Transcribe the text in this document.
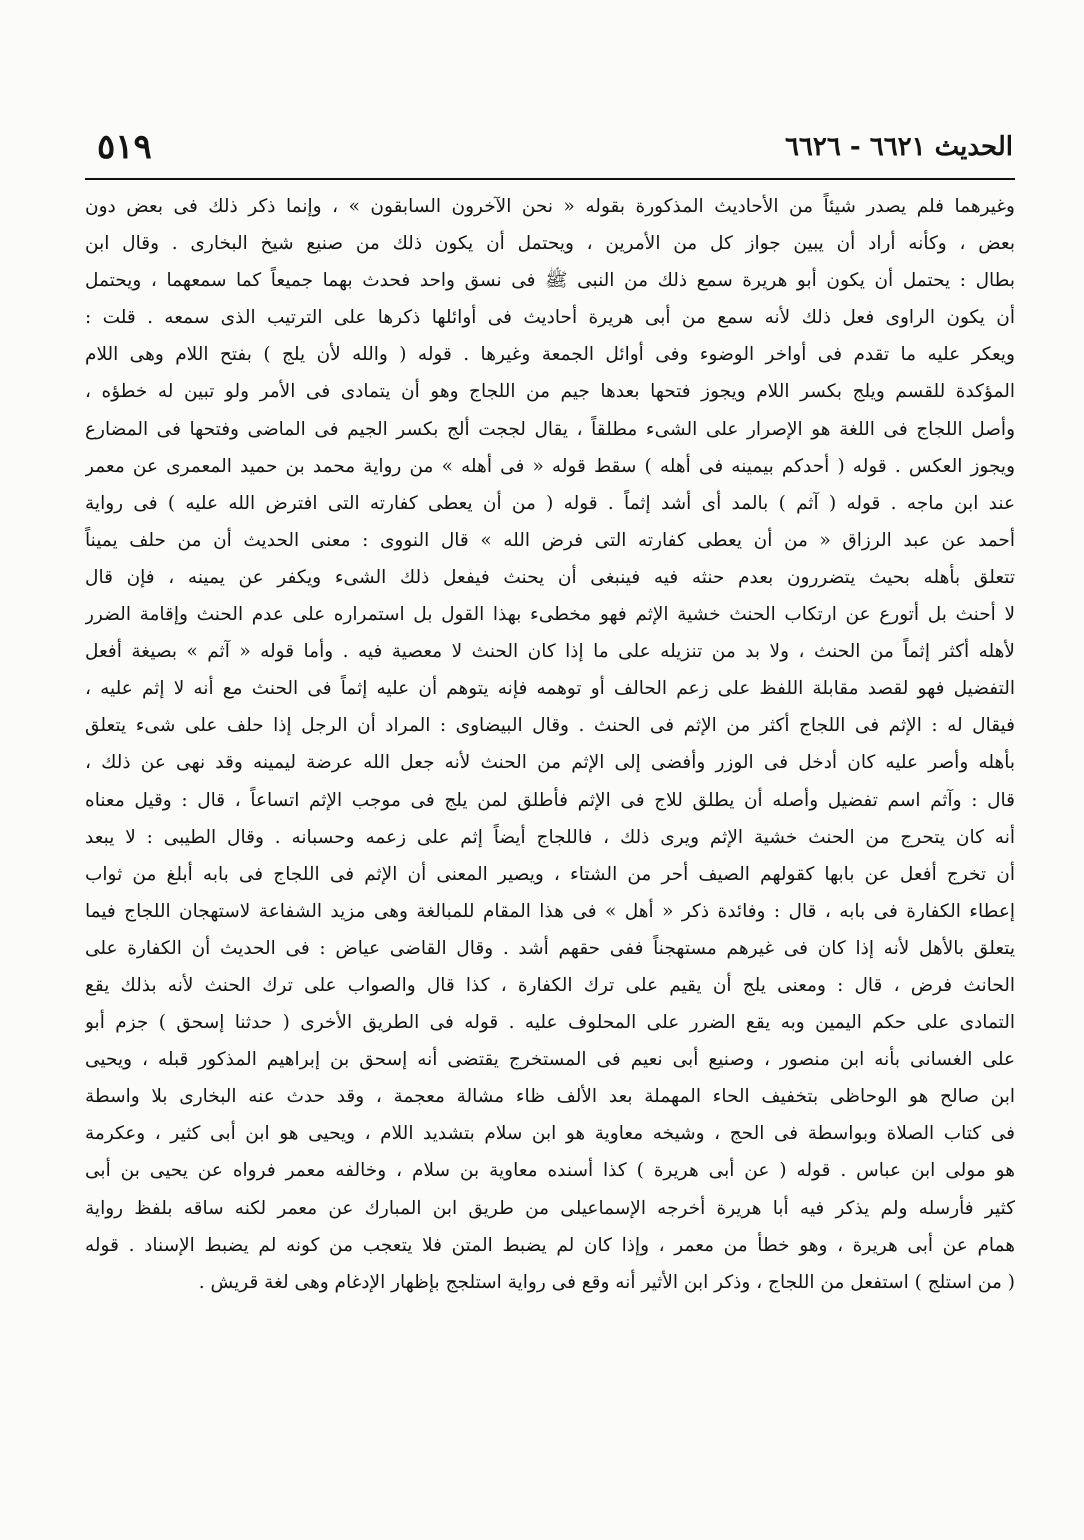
٥١٩	الحديث ٦٦٢١ - ٦٦٢٦
وغيرهما فلم يصدر شيئاً من الأحاديث المذكورة بقوله « نحن الآخرون السابقون » ، وإنما ذكر ذلك فى بعض دون
بعض ، وكأنه أراد أن يبين جواز كل من الأمرين ، ويحتمل أن يكون ذلك من صنيع شيخ البخارى . وقال ابن
بطال : يحتمل أن يكون أبو هريرة سمع ذلك من النبى ﷺ فى نسق واحد فحدث بهما جميعاً كما سمعهما ، ويحتمل
أن يكون الراوى فعل ذلك لأنه سمع من أبى هريرة أحاديث فى أوائلها ذكرها على الترتيب الذى سمعه . قلت :
ويعكر عليه ما تقدم فى أواخر الوضوء وفى أوائل الجمعة وغيرها . قوله ( والله لأن يلج ) بفتح اللام وهى اللام
المؤكدة للقسم ويلج بكسر اللام ويجوز فتحها بعدها جيم من اللجاج وهو أن يتمادى فى الأمر ولو تبين له خطؤه ،
وأصل اللجاج فى اللغة هو الإصرار على الشىء مطلقاً ، يقال لججت ألج بكسر الجيم فى الماضى وفتحها فى المضارع
ويجوز العكس . قوله ( أحدكم بيمينه فى أهله ) سقط قوله « فى أهله » من رواية محمد بن حميد المعمرى عن معمر
عند ابن ماجه . قوله ( آثم ) بالمد أى أشد إثماً . قوله ( من أن يعطى كفارته التى افترض الله عليه ) فى رواية
أحمد عن عبد الرزاق « من أن يعطى كفارته التى فرض الله » قال النووى : معنى الحديث أن من حلف يميناً
تتعلق بأهله بحيث يتضررون بعدم حنثه فيه فينبغى أن يحنث فيفعل ذلك الشىء ويكفر عن يمينه ، فإن قال
لا أحنث بل أتورع عن ارتكاب الحنث خشية الإثم فهو مخطىء بهذا القول بل استمراره على عدم الحنث وإقامة الضرر
لأهله أكثر إثماً من الحنث ، ولا بد من تنزيله على ما إذا كان الحنث لا معصية فيه . وأما قوله « آثم » بصيغة أفعل
التفضيل فهو لقصد مقابلة اللفظ على زعم الحالف أو توهمه فإنه يتوهم أن عليه إثماً فى الحنث مع أنه لا إثم عليه ،
فيقال له : الإثم فى اللجاج أكثر من الإثم فى الحنث . وقال البيضاوى : المراد أن الرجل إذا حلف على شىء يتعلق
بأهله وأصر عليه كان أدخل فى الوزر وأفضى إلى الإثم من الحنث لأنه جعل الله عرضة ليمينه وقد نهى عن ذلك ،
قال : وآثم اسم تفضيل وأصله أن يطلق للاج فى الإثم فأطلق لمن يلج فى موجب الإثم اتساعاً ، قال : وقيل معناه
أنه كان يتحرج من الحنث خشية الإثم ويرى ذلك ، فاللجاج أيضاً إثم على زعمه وحسبانه . وقال الطيبى : لا يبعد
أن تخرج أفعل عن بابها كقولهم الصيف أحر من الشتاء ، ويصير المعنى أن الإثم فى اللجاج فى بابه أبلغ من ثواب
إعطاء الكفارة فى بابه ، قال : وفائدة ذكر « أهل » فى هذا المقام للمبالغة وهى مزيد الشفاعة لاستهجان اللجاج فيما
يتعلق بالأهل لأنه إذا كان فى غيرهم مستهجناً ففى حقهم أشد . وقال القاضى عياض : فى الحديث أن الكفارة على
الحانث فرض ، قال : ومعنى يلج أن يقيم على ترك الكفارة ، كذا قال والصواب على ترك الحنث لأنه بذلك يقع
التمادى على حكم اليمين وبه يقع الضرر على المحلوف عليه . قوله فى الطريق الأخرى ( حدثنا إسحق ) جزم أبو
على الغسانى بأنه ابن منصور ، وصنيع أبى نعيم فى المستخرج يقتضى أنه إسحق بن إبراهيم المذكور قبله ، ويحيى
ابن صالح هو الوحاظى بتخفيف الحاء المهملة بعد الألف ظاء مشالة معجمة ، وقد حدث عنه البخارى بلا واسطة
فى كتاب الصلاة وبواسطة فى الحج ، وشيخه معاوية هو ابن سلام بتشديد اللام ، ويحيى هو ابن أبى كثير ، وعكرمة
هو مولى ابن عباس . قوله ( عن أبى هريرة ) كذا أسنده معاوية بن سلام ، وخالفه معمر فرواه عن يحيى بن أبى
كثير فأرسله ولم يذكر فيه أبا هريرة أخرجه الإسماعيلى من طريق ابن المبارك عن معمر لكنه ساقه بلفظ رواية
همام عن أبى هريرة ، وهو خطأ من معمر ، وإذا كان لم يضبط المتن فلا يتعجب من كونه لم يضبط الإسناد . قوله
( من استلج ) استفعل من اللجاج ، وذكر ابن الأثير أنه وقع فى رواية استلجج بإظهار الإدغام وهى لغة قريش .
